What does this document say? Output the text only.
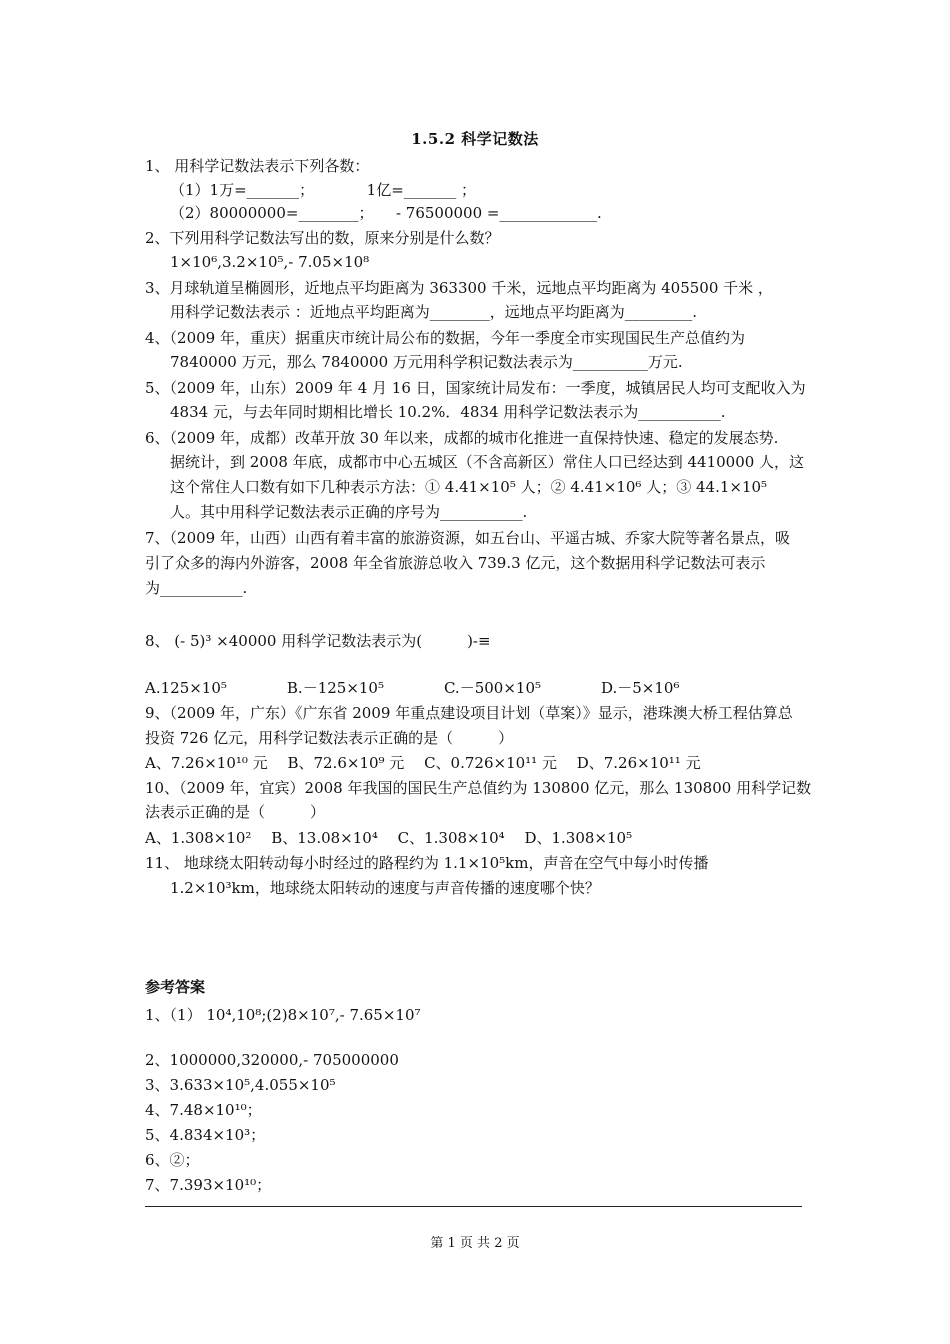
1.5.2 科学记数法
1、 用科学记数法表示下列各数：
（1）1万=_______；　　　　1亿=_______ ；
（2）80000000=________；　　- 76500000 =_____________.
2、下列用科学记数法写出的数，原来分别是什么数？
1×10⁶,3.2×10⁵,- 7.05×10⁸
3、月球轨道呈椭圆形，近地点平均距离为 363300 千米，远地点平均距离为 405500 千米 ，
用科学记数法表示 ：近地点平均距离为________，远地点平均距离为_________.
4、（2009 年，重庆）据重庆市统计局公布的数据，今年一季度全市实现国民生产总值约为
7840000 万元，那么 7840000 万元用科学积记数法表示为__________万元.
5、（2009 年，山东）2009 年 4 月 16 日，国家统计局发布：一季度，城镇居民人均可支配收入为
4834 元，与去年同时期相比增长 10.2%．4834 用科学记数法表示为___________.
6、（2009 年，成都）改革开放 30 年以来，成都的城市化推进一直保持快速、稳定的发展态势.
据统计，到 2008 年底，成都市中心五城区（不含高新区）常住人口已经达到 4410000 人，这
这个常住人口数有如下几种表示方法：① 4.41×10⁵ 人；② 4.41×10⁶ 人；③ 44.1×10⁵
人。其中用科学记数法表示正确的序号为___________.
7、（2009 年，山西）山西有着丰富的旅游资源，如五台山、平遥古城、乔家大院等著名景点，吸
引了众多的海内外游客，2008 年全省旅游总收入 739.3 亿元，这个数据用科学记数法可表示
为___________.
8、 (- 5)³ ×40000 用科学记数法表示为(　　　)-≡
A.125×10⁵　　　　B.－125×10⁵　　　　C.－500×10⁵　　　　D.－5×10⁶
9、（2009 年，广东）《广东省 2009 年重点建设项目计划（草案）》显示，港珠澳大桥工程估算总
投资 726 亿元，用科学记数法表示正确的是（　　　）
A、7.26×10¹⁰ 元　 B、72.6×10⁹ 元　 C、0.726×10¹¹ 元　 D、7.26×10¹¹ 元
10、（2009 年，宜宾）2008 年我国的国民生产总值约为 130800 亿元，那么 130800 用科学记数
法表示正确的是（　　　）
A、1.308×10²　 B、13.08×10⁴　 C、1.308×10⁴　 D、1.308×10⁵
11、 地球绕太阳转动每小时经过的路程约为 1.1×10⁵km，声音在空气中每小时传播
1.2×10³km，地球绕太阳转动的速度与声音传播的速度哪个快？
参考答案
1、（1） 10⁴,10⁸;(2)8×10⁷,- 7.65×10⁷
2、1000000,320000,- 705000000
3、3.633×10⁵,4.055×10⁵
4、7.48×10¹⁰；
5、4.834×10³；
6、②；
7、7.393×10¹⁰；
第 1 页 共 2 页
